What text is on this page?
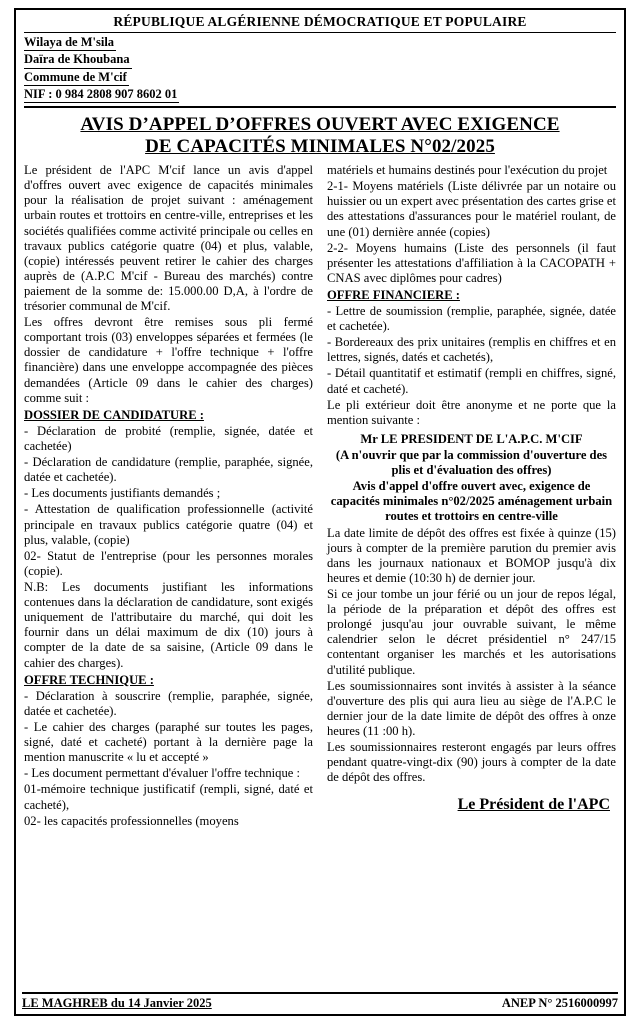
RÉPUBLIQUE ALGÉRIENNE DÉMOCRATIQUE ET POPULAIRE
Wilaya de M'sila
Daïra de Khoubana
Commune de M'cif
NIF : 0 984 2808 907 8602 01
AVIS D’APPEL D’OFFRES OUVERT AVEC EXIGENCE
DE CAPACITÉS MINIMALES N°02/2025

Le président de l'APC M'cif lance un avis d'appel d'offres ouvert avec exigence de capacités minimales pour la réalisation de projet suivant : aménagement urbain routes et trottoirs en centre-ville, entreprises et les sociétés qualifiées comme activité principale ou celles en travaux publics catégorie quatre (04) et plus, valable, (copie) intéressés peuvent retirer le cahier des charges auprès de (A.P.C M'cif - Bureau des marchés) contre paiement de la somme de: 15.000.00 D,A, à l'ordre de trésorier communal de M'cif.

Les offres devront être remises sous pli fermé comportant trois (03) enveloppes séparées et fermées (le dossier de candidature + l'offre technique + l'offre financière) dans une enveloppe accompagnée des pièces demandées (Article 09 dans le cahier des charges) comme suit :

DOSSIER DE CANDIDATURE :

- Déclaration de probité (remplie, signée, datée et cachetée)

- Déclaration de candidature (remplie, paraphée, signée, datée et cachetée).

- Les documents justifiants demandés ;

- Attestation de qualification professionnelle (activité principale en travaux publics catégorie quatre (04) et plus, valable, (copie)

02- Statut de l'entreprise (pour les personnes morales (copie).

N.B: Les documents justifiant les informations contenues dans la déclaration de candidature, sont exigés uniquement de l'attributaire du marché, qui doit les fournir dans un délai maximum de dix (10) jours à compter de la date de sa saisine, (Article 09 dans le cahier des charges).

OFFRE TECHNIQUE :

- Déclaration à souscrire (remplie, paraphée, signée, datée et cachetée).

- Le cahier des charges (paraphé sur toutes les pages, signé, daté et cacheté) portant à la dernière page la mention manuscrite « lu et accepté »

- Les document permettant d'évaluer l'offre technique :

01-mémoire technique justificatif (rempli, signé, daté et cacheté),

02- les capacités professionnelles (moyens

matériels et humains destinés pour l'exécution du projet

2-1- Moyens matériels (Liste délivrée par un notaire ou huissier ou un expert avec présentation des cartes grise et des attestations d'assurances pour le matériel roulant, de une (01) dernière année (copies)

2-2- Moyens humains (Liste des personnels (il faut présenter les attestations d'affiliation à la CACOPATH + CNAS avec diplômes pour cadres)

OFFRE FINANCIERE :

- Lettre de soumission (remplie, paraphée, signée, datée et cachetée).

- Bordereaux des prix unitaires (remplis en chiffres et en lettres, signés, datés et cachetés),

- Détail quantitatif et estimatif (rempli en chiffres, signé, daté et cacheté).

Le pli extérieur doit être anonyme et ne porte que la mention suivante :

Mr LE PRESIDENT DE L'A.P.C. M'CIF

(A n'ouvrir que par la commission d'ouverture des plis et d'évaluation des offres)

Avis d'appel d'offre ouvert avec, exigence de capacités minimales n°02/2025 aménagement urbain routes et trottoirs en centre-ville

La date limite de dépôt des offres est fixée à quinze (15) jours à compter de la première parution du premier avis dans les journaux nationaux et BOMOP jusqu'à dix heures et demie (10:30 h) de dernier jour.

Si ce jour tombe un jour férié ou un jour de repos légal, la période de la préparation et dépôt des offres est prolongé jusqu'au jour ouvrable suivant, le même calendrier selon le décret présidentiel n° 247/15 contentant organiser les marchés et les autorisations d'utilité publique.

Les soumissionnaires sont invités à assister à la séance d'ouverture des plis qui aura lieu au siège de l'A.P.C le dernier jour de la date limite de dépôt des offres à onze heures (11 :00 h).

Les soumissionnaires resteront engagés par leurs offres pendant quatre-vingt-dix (90) jours à compter de la date de dépôt des offres.

Le Président de l'APC
LE MAGHREB du 14 Janvier 2025	ANEP N° 2516000997
